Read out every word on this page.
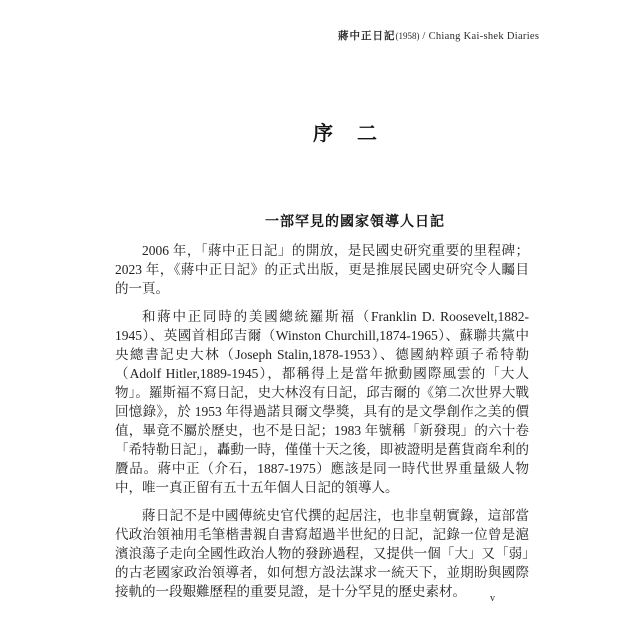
蔣中正日記(1958) / Chiang Kai-shek Diaries
序　二
一部罕見的國家領導人日記

2006 年，「蔣中正日記」的開放，是民國史研究重要的里程碑；2023 年，《蔣中正日記》的正式出版，更是推展民國史研究令人矚目的一頁。

和蔣中正同時的美國總統羅斯福（Franklin D. Roosevelt,1882-1945）、英國首相邱吉爾（Winston Churchill,1874-1965）、蘇聯共黨中央總書記史大林（Joseph Stalin,1878-1953）、德國納粹頭子希特勒（Adolf Hitler,1889-1945），都稱得上是當年掀動國際風雲的「大人物」。羅斯福不寫日記，史大林沒有日記，邱吉爾的《第二次世界大戰回憶錄》，於 1953 年得過諾貝爾文學獎，具有的是文學創作之美的價值，畢竟不屬於歷史，也不是日記；1983 年號稱「新發現」的六十卷「希特勒日記」，轟動一時，僅僅十天之後，即被證明是舊貨商牟利的贗品。蔣中正（介石，1887-1975）應該是同一時代世界重量級人物中，唯一真正留有五十五年個人日記的領導人。

蔣日記不是中國傳統史官代撰的起居注，也非皇朝實錄，這部當代政治領袖用毛筆楷書親自書寫超過半世紀的日記，記錄一位曾是滬濱浪蕩子走向全國性政治人物的發跡過程，又提供一個「大」又「弱」的古老國家政治領導者，如何想方設法謀求一統天下，並期盼與國際接軌的一段艱難歷程的重要見證，是十分罕見的歷史素材。	v
